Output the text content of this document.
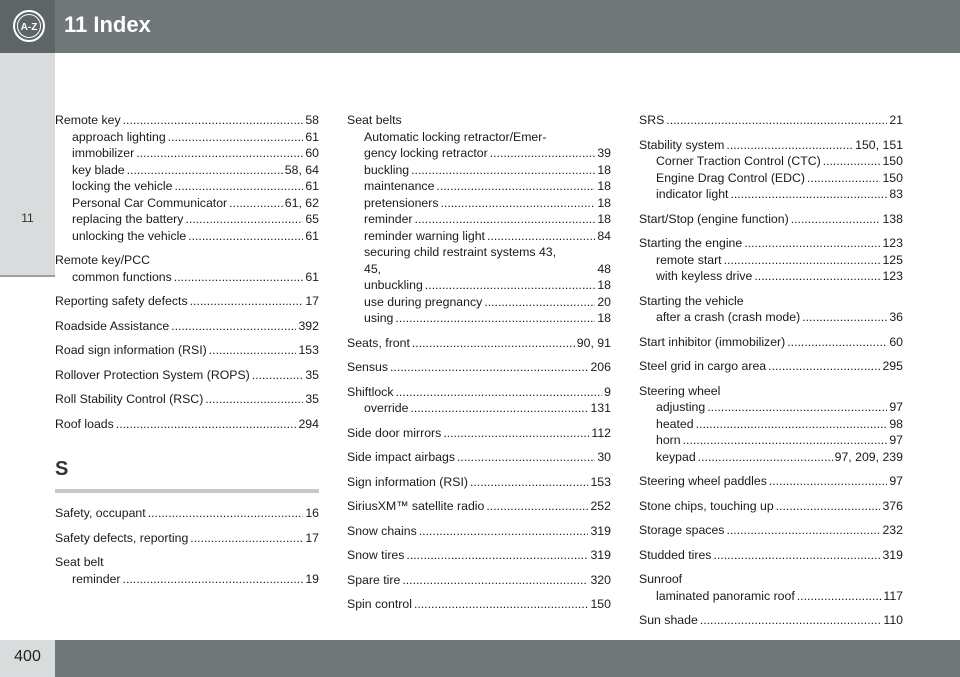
A-Z 11 Index
11
Remote key .....	58
approach lighting .....	61
immobilizer .....	60
key blade .....	58, 64
locking the vehicle .....	61
Personal Car Communicator .....	61, 62
replacing the battery .....	65
unlocking the vehicle .....	61
Remote key/PCC
common functions .....	61
Reporting safety defects .....	17
Roadside Assistance .....	392
Road sign information (RSI) .....	153
Rollover Protection System (ROPS) .....	35
Roll Stability Control (RSC) .....	35
Roof loads .....	294
S
Safety, occupant .....	16
Safety defects, reporting .....	17
Seat belt
reminder .....	19
Seat belts
Automatic locking retractor/Emer-
gency locking retractor .....	39
buckling .....	18
maintenance .....	18
pretensioners .....	18
reminder .....	18
reminder warning light .....	84
securing child restraint systems 43,
45,	48
unbuckling .....	18
use during pregnancy .....	20
using .....	18
Seats, front .....	90, 91
Sensus .....	206
Shiftlock .....	9
override .....	131
Side door mirrors .....	112
Side impact airbags .....	30
Sign information (RSI) .....	153
SiriusXM™ satellite radio .....	252
Snow chains .....	319
Snow tires .....	319
Spare tire .....	320
Spin control .....	150
SRS .....	21
Stability system .....	150, 151
Corner Traction Control (CTC) .....	150
Engine Drag Control (EDC) .....	150
indicator light .....	83
Start/Stop (engine function) .....	138
Starting the engine .....	123
remote start .....	125
with keyless drive .....	123
Starting the vehicle
after a crash (crash mode) .....	36
Start inhibitor (immobilizer) .....	60
Steel grid in cargo area .....	295
Steering wheel
adjusting .....	97
heated .....	98
horn .....	97
keypad .....	97, 209, 239
Steering wheel paddles .....	97
Stone chips, touching up .....	376
Storage spaces .....	232
Studded tires .....	319
Sunroof
laminated panoramic roof .....	117
Sun shade .....	110
400
